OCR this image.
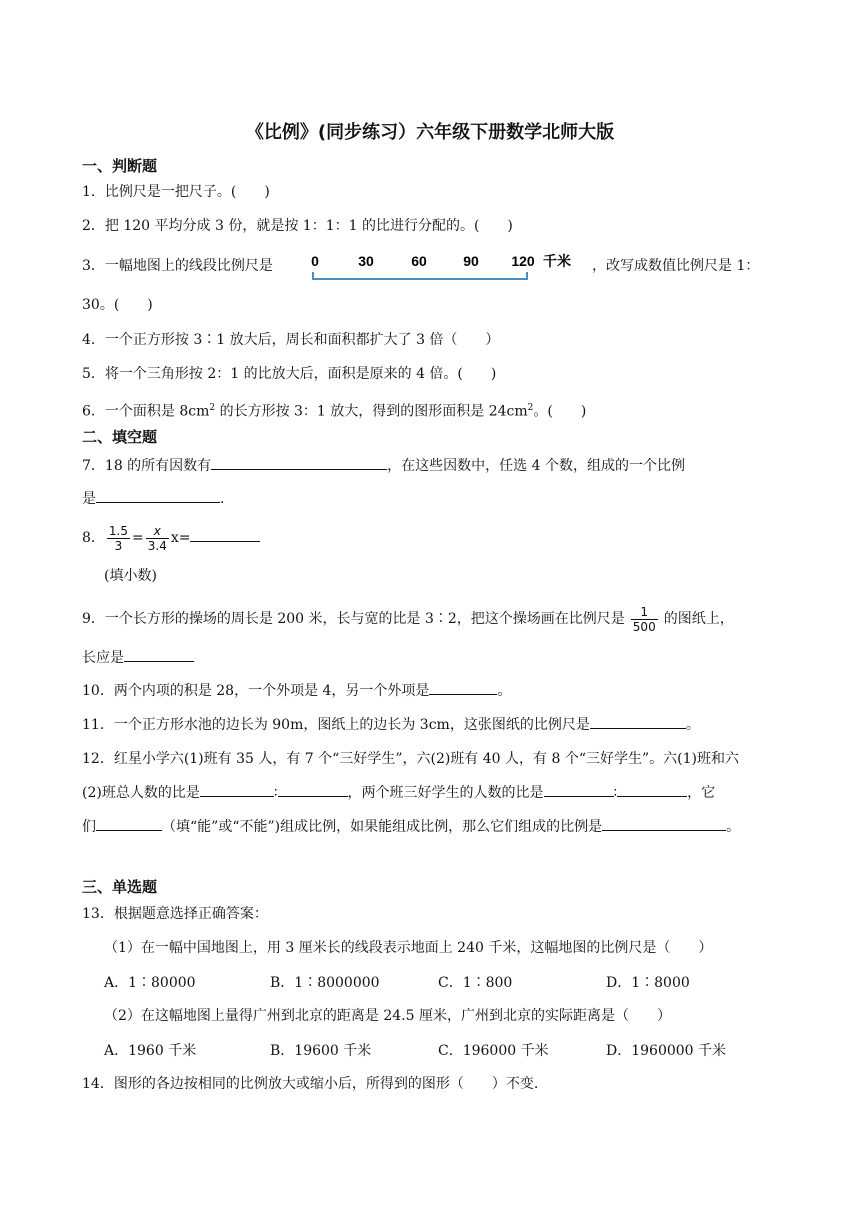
《比例》(同步练习）六年级下册数学北师大版
一、判断题
1．比例尺是一把尺子。(　　)
2．把 120 平均分成 3 份，就是按 1：1：1 的比进行分配的。(　　)
3．一幅地图上的线段比例尺是	0	30	60	90 120 千米 ，改写成数值比例尺是 1：
30。(　　)
4．一个正方形按 3∶1 放大后，周长和面积都扩大了 3 倍（　　）
5．将一个三角形按 2：1 的比放大后，面积是原来的 4 倍。(　　)
6．一个面积是 $8cm^2$ 的长方形按 3：1 放大，得到的图形面积是 $24cm^2$。(　　)
二、填空题
7．18 的所有因数有	，在这些因数中，任选 4 个数，组成的一个比例
是	.
8． $\frac{1.5}{3} = \frac{x}{3.4} x=$
(填小数)
9．一个长方形的操场的周长是 200 米，长与宽的比是 3∶2，把这个操场画在比例尺是 $\frac{1}{500}$ 的图纸上，
长应是
10．两个内项的积是 28，一个外项是 4，另一个外项是	。
11．一个正方形水池的边长为 90m，图纸上的边长为 3cm，这张图纸的比例尺是	。
12．红星小学六(1)班有 35 人，有 7 个“三好学生”，六(2)班有 40 人，有 8 个“三好学生”。六(1)班和六
(2)班总人数的比是	∶	，两个班三好学生的人数的比是	∶	，它
们	（填“能”或“不能”)组成比例，如果能组成比例，那么它们组成的比例是	。
三、单选题
13．根据题意选择正确答案：
（1）在一幅中国地图上，用 3 厘米长的线段表示地面上 240 千米，这幅地图的比例尺是（　　）
A．1∶80000	B．1∶8000000	C．1∶800	D．1∶8000
（2）在这幅地图上量得广州到北京的距离是 24.5 厘米，广州到北京的实际距离是（　　）
A．1960 千米	B．19600 千米	C．196000 千米	D．1960000 千米
14．图形的各边按相同的比例放大或缩小后，所得到的图形（　　）不变.
